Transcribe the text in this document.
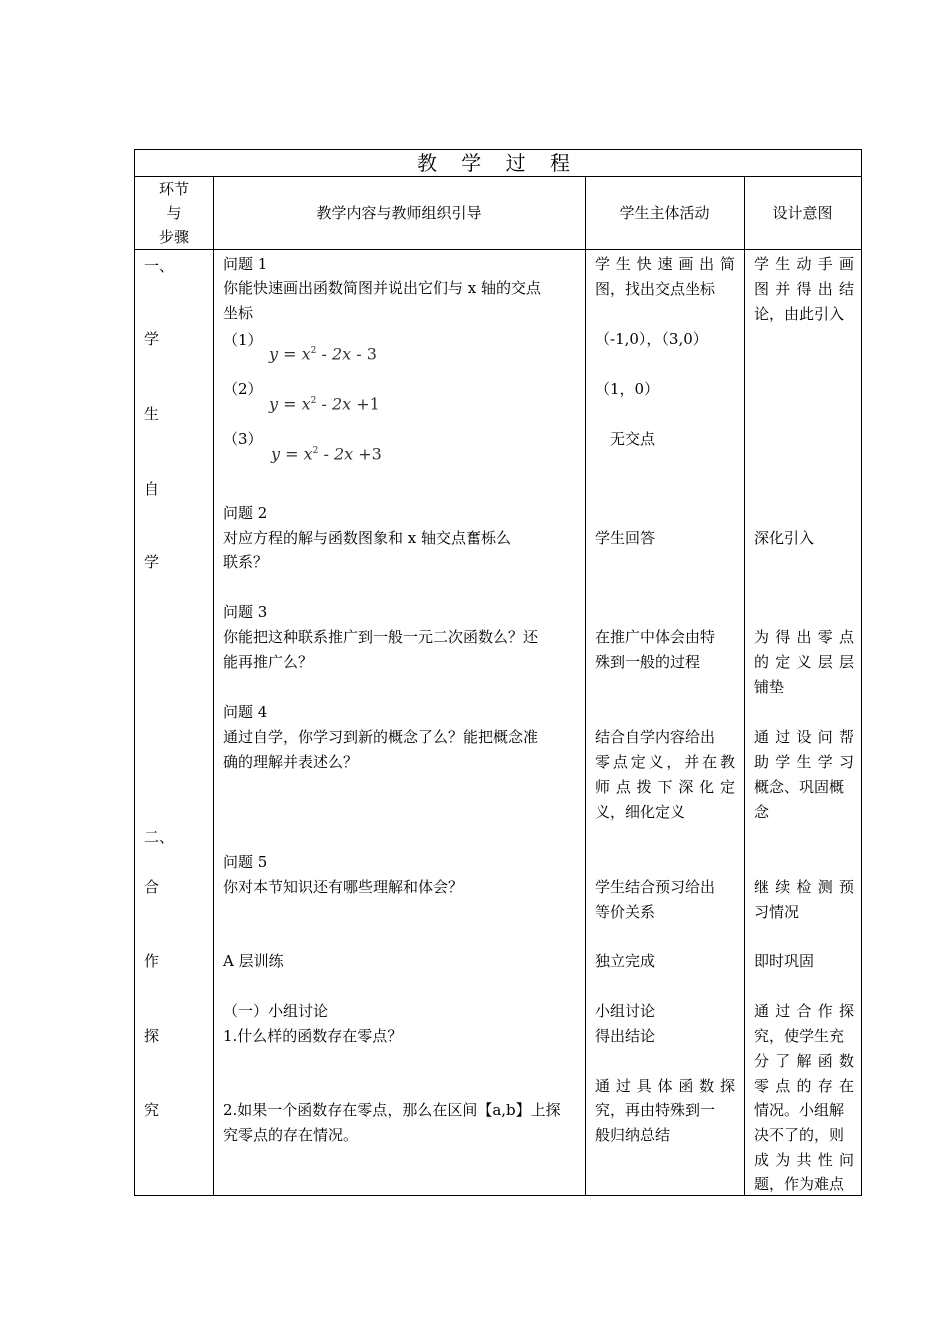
教 学 过 程
环节
与
步骤
教学内容与教师组织引导	学生主体活动	设计意图
一、
学
生
自
学
二、
合
作
探
究
问题 1
你能快速画出函数简图并说出它们与 x 轴的交点
坐标
（1）
$y = x^2 - 2x - 3$
（2）
$y = x^2 - 2x +1$
（3）
$y = x^2 - 2x +3$
问题 2
对应方程的解与函数图象和 x 轴交点奮栎么
联系？
问题 3
你能把这种联系推广到一般一元二次函数么？还
能再推广么？
问题 4
通过自学，你学习到新的概念了么？能把概念准
确的理解并表述么？
问题 5
你对本节知识还有哪些理解和体会？
A 层训练
（一）小组讨论
1.什么样的函数存在零点？
2.如果一个函数存在零点，那么在区间【a,b】上探
究零点的存在情况。
学生快速画出简
图，找出交点坐标
（-1,0），（3,0）
（1，0）
无交点
学生回答
在推广中体会由特
殊到一般的过程
结合自学内容给出
零点定义，并在教
师点拨下深化定
义，细化定义
学生结合预习给出
等价关系
独立完成
小组讨论
得出结论
通过具体函数探
究，再由特殊到一
般归纳总结
学生动手画
图并得出结
论，由此引入
深化引入
为得出零点
的定义层层
铺垫
通过设问帮
助学生学习
概念、巩固概
念
继续检测预
习情况
即时巩固
通过合作探
究，使学生充
分了解函数
零点的存在
情况。小组解
决不了的，则
成为共性问
题，作为难点
